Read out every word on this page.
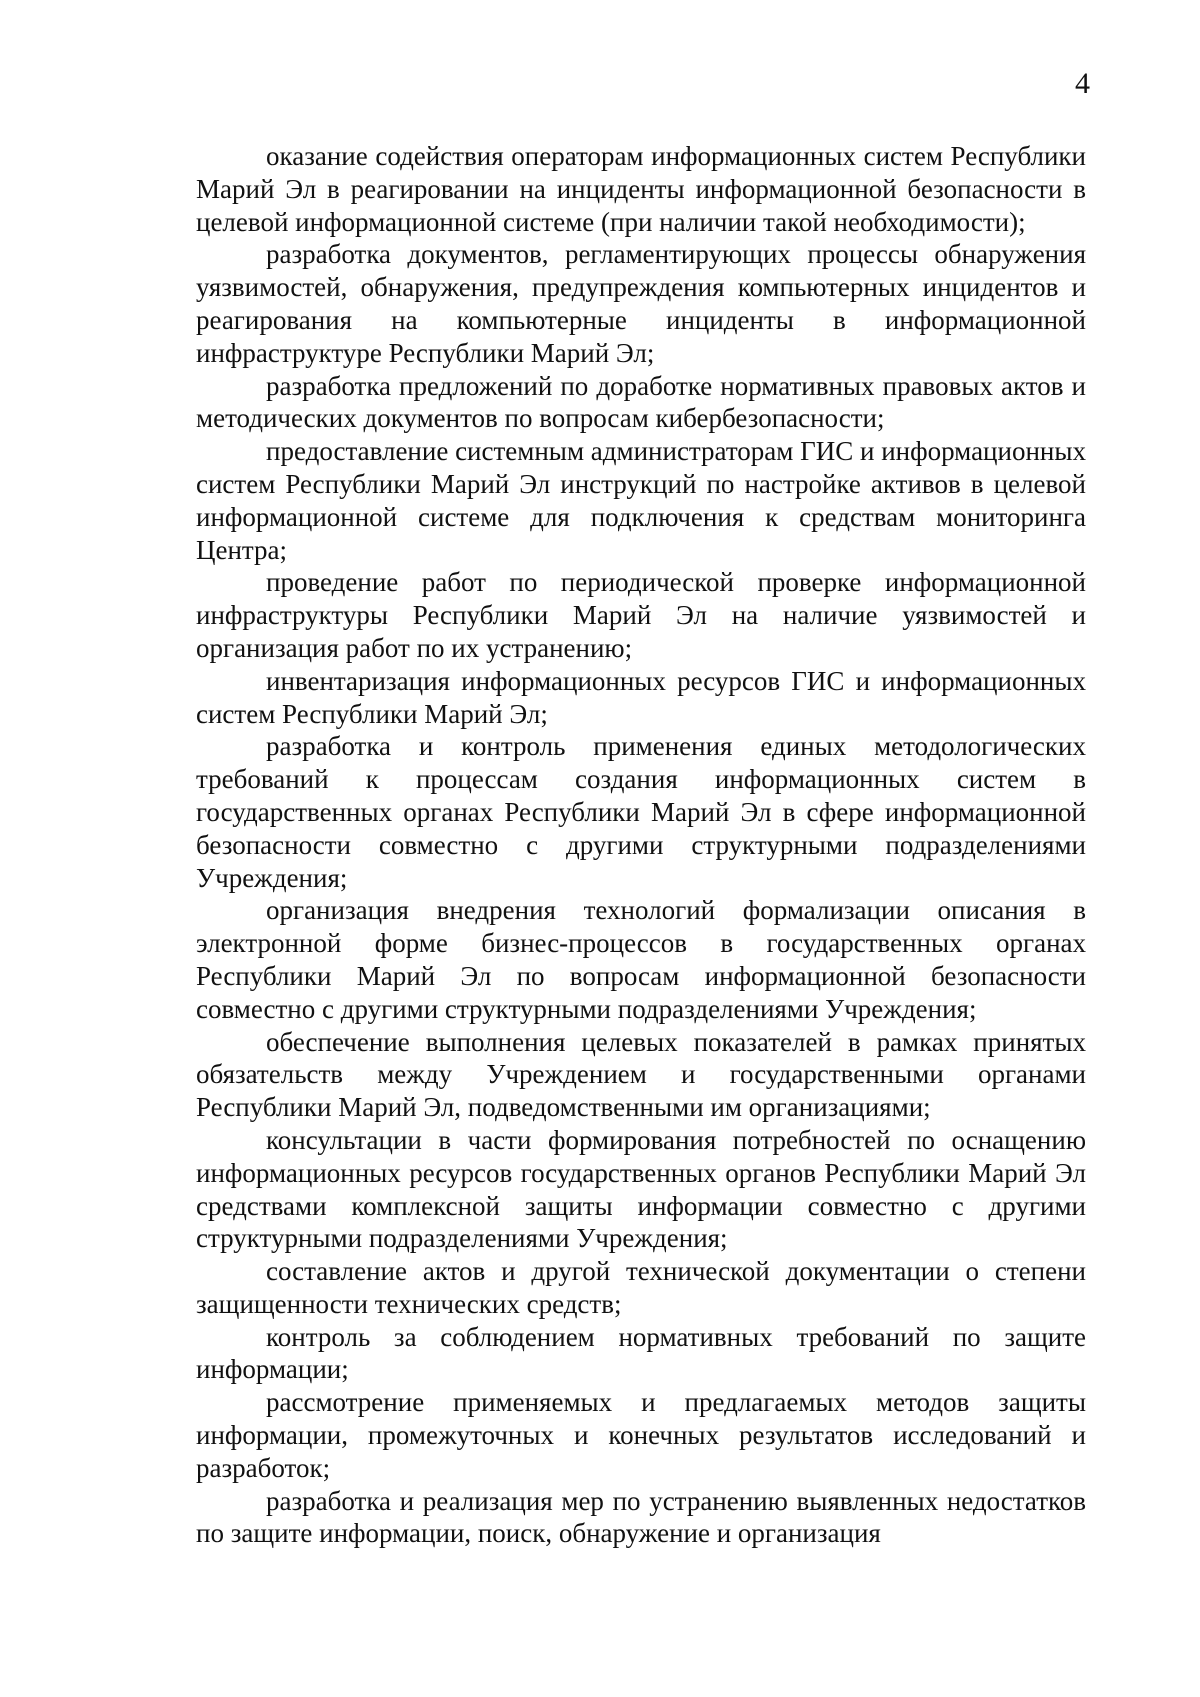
4

оказание содействия операторам информационных систем Республики Марий Эл в реагировании на инциденты информационной безопасности в целевой информационной системе (при наличии такой необходимости);

разработка документов, регламентирующих процессы обнаружения уязвимостей, обнаружения, предупреждения компьютерных инцидентов и реагирования на компьютерные инциденты в информационной инфраструктуре Республики Марий Эл;

разработка предложений по доработке нормативных правовых актов и методических документов по вопросам кибербезопасности;

предоставление системным администраторам ГИС и информационных систем Республики Марий Эл инструкций по настройке активов в целевой информационной системе для подключения к средствам мониторинга Центра;

проведение работ по периодической проверке информационной инфраструктуры Республики Марий Эл на наличие уязвимостей и организация работ по их устранению;

инвентаризация информационных ресурсов ГИС и информационных систем Республики Марий Эл;

разработка и контроль применения единых методологических требований к процессам создания информационных систем в государственных органах Республики Марий Эл в сфере информационной безопасности совместно с другими структурными подразделениями Учреждения;

организация внедрения технологий формализации описания в электронной форме бизнес-процессов в государственных органах Республики Марий Эл по вопросам информационной безопасности совместно с другими структурными подразделениями Учреждения;

обеспечение выполнения целевых показателей в рамках принятых обязательств между Учреждением и государственными органами Республики Марий Эл, подведомственными им организациями;

консультации в части формирования потребностей по оснащению информационных ресурсов государственных органов Республики Марий Эл средствами комплексной защиты информации совместно с другими структурными подразделениями Учреждения;

составление актов и другой технической документации о степени защищенности технических средств;

контроль за соблюдением нормативных требований по защите информации;

рассмотрение применяемых и предлагаемых методов защиты информации, промежуточных и конечных результатов исследований и разработок;

разработка и реализация мер по устранению выявленных недостатков по защите информации, поиск, обнаружение и организация
